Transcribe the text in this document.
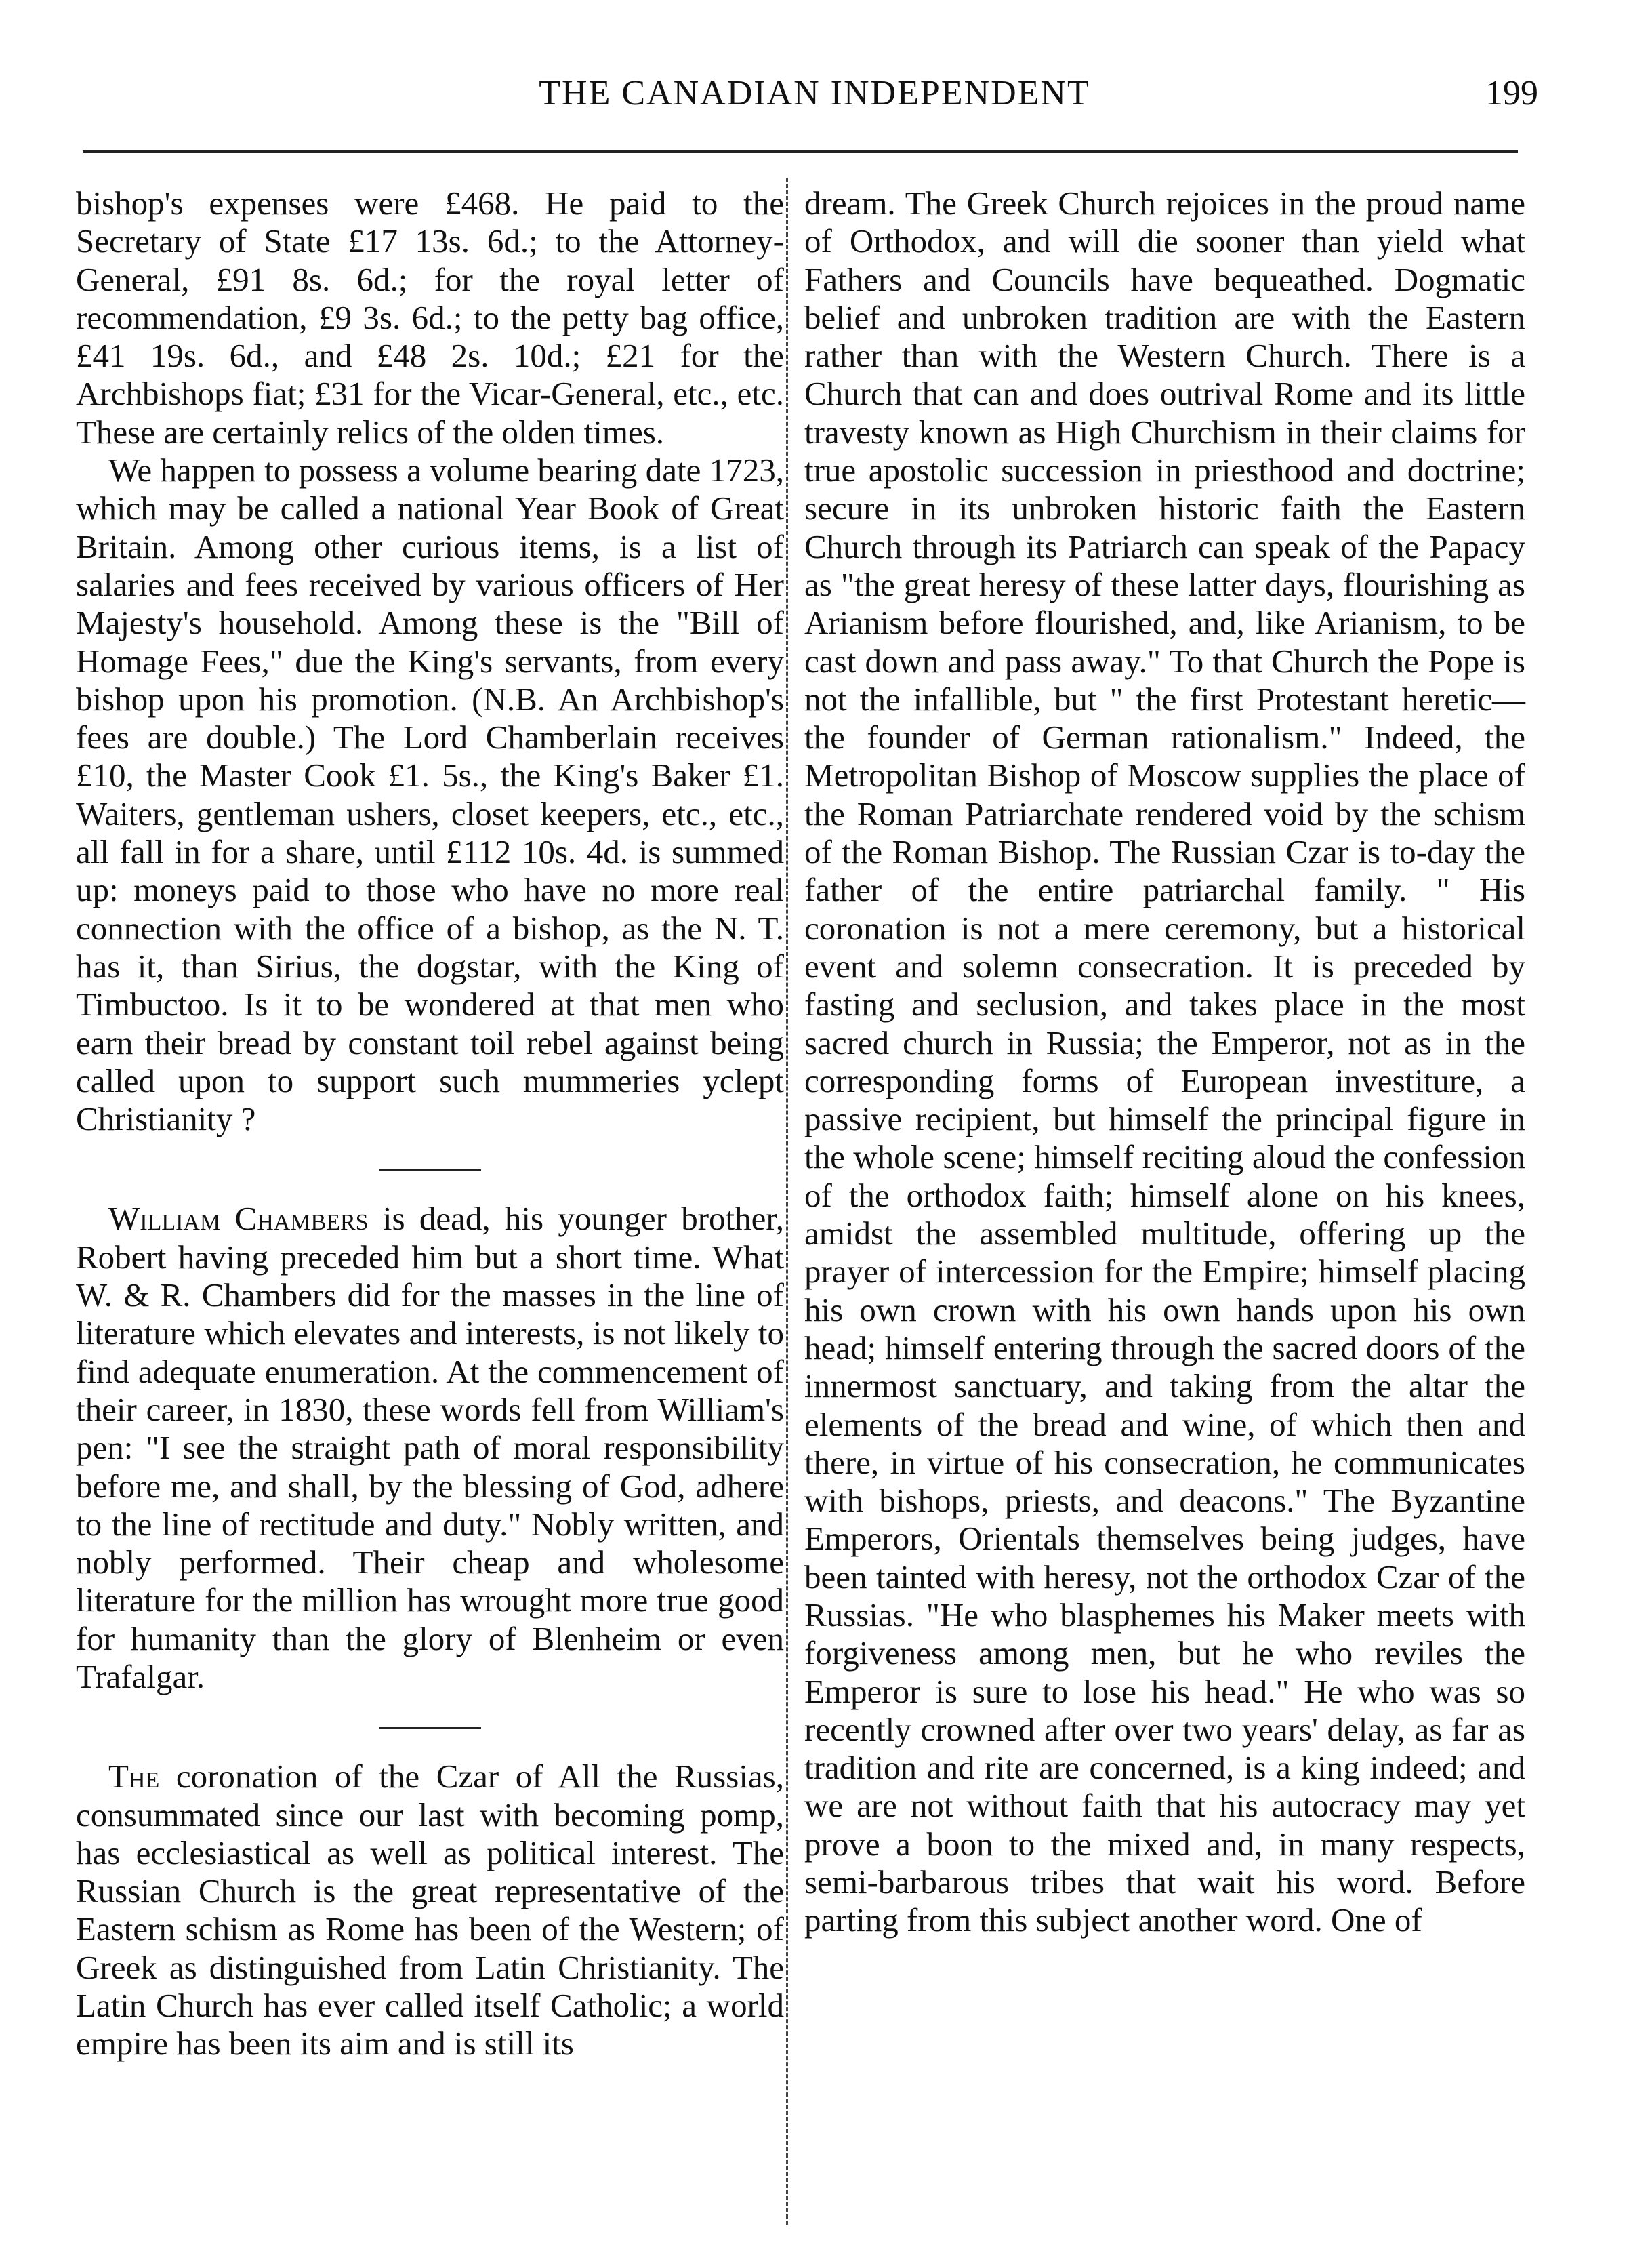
THE CANADIAN INDEPENDENT	199

bishop's expenses were £468. He paid to the Secretary of State £17 13s. 6d.; to the Attorney-General, £91 8s. 6d.; for the royal letter of recommendation, £9 3s. 6d.; to the petty bag office, £41 19s. 6d., and £48 2s. 10d.; £21 for the Archbishops fiat; £31 for the Vicar-General, etc., etc. These are certainly relics of the olden times.

We happen to possess a volume bearing date 1723, which may be called a national Year Book of Great Britain. Among other curious items, is a list of salaries and fees received by various officers of Her Majesty's household. Among these is the "Bill of Homage Fees," due the King's servants, from every bishop upon his promotion. (N.B. An Archbishop's fees are double.) The Lord Chamberlain receives £10, the Master Cook £1. 5s., the King's Baker £1. Waiters, gentleman ushers, closet keepers, etc., etc., all fall in for a share, until £112 10s. 4d. is summed up: moneys paid to those who have no more real connection with the office of a bishop, as the N. T. has it, than Sirius, the dogstar, with the King of Timbuctoo. Is it to be wondered at that men who earn their bread by constant toil rebel against being called upon to support such mummeries yclept Christianity ?

William Chambers is dead, his younger brother, Robert having preceded him but a short time. What W. & R. Chambers did for the masses in the line of literature which elevates and interests, is not likely to find adequate enumeration. At the commencement of their career, in 1830, these words fell from William's pen: "I see the straight path of moral responsibility before me, and shall, by the blessing of God, adhere to the line of rectitude and duty." Nobly written, and nobly performed. Their cheap and wholesome literature for the million has wrought more true good for humanity than the glory of Blenheim or even Trafalgar.

The coronation of the Czar of All the Russias, consummated since our last with becoming pomp, has ecclesiastical as well as political interest. The Russian Church is the great representative of the Eastern schism as Rome has been of the Western; of Greek as distinguished from Latin Christianity. The Latin Church has ever called itself Catholic; a world empire has been its aim and is still its

dream. The Greek Church rejoices in the proud name of Orthodox, and will die sooner than yield what Fathers and Councils have bequeathed. Dogmatic belief and unbroken tradition are with the Eastern rather than with the Western Church. There is a Church that can and does outrival Rome and its little travesty known as High Churchism in their claims for true apostolic succession in priesthood and doctrine; secure in its unbroken historic faith the Eastern Church through its Patriarch can speak of the Papacy as "the great heresy of these latter days, flourishing as Arianism before flourished, and, like Arianism, to be cast down and pass away." To that Church the Pope is not the infallible, but " the first Protestant heretic—the founder of German rationalism." Indeed, the Metropolitan Bishop of Moscow supplies the place of the Roman Patriarchate rendered void by the schism of the Roman Bishop. The Russian Czar is to-day the father of the entire patriarchal family. " His coronation is not a mere ceremony, but a historical event and solemn consecration. It is preceded by fasting and seclusion, and takes place in the most sacred church in Russia; the Emperor, not as in the corresponding forms of European investiture, a passive recipient, but himself the principal figure in the whole scene; himself reciting aloud the confession of the orthodox faith; himself alone on his knees, amidst the assembled multitude, offering up the prayer of intercession for the Empire; himself placing his own crown with his own hands upon his own head; himself entering through the sacred doors of the innermost sanctuary, and taking from the altar the elements of the bread and wine, of which then and there, in virtue of his consecration, he communicates with bishops, priests, and deacons." The Byzantine Emperors, Orientals themselves being judges, have been tainted with heresy, not the orthodox Czar of the Russias. "He who blasphemes his Maker meets with forgiveness among men, but he who reviles the Emperor is sure to lose his head." He who was so recently crowned after over two years' delay, as far as tradition and rite are concerned, is a king indeed; and we are not without faith that his autocracy may yet prove a boon to the mixed and, in many respects, semi-barbarous tribes that wait his word. Before parting from this subject another word. One of
